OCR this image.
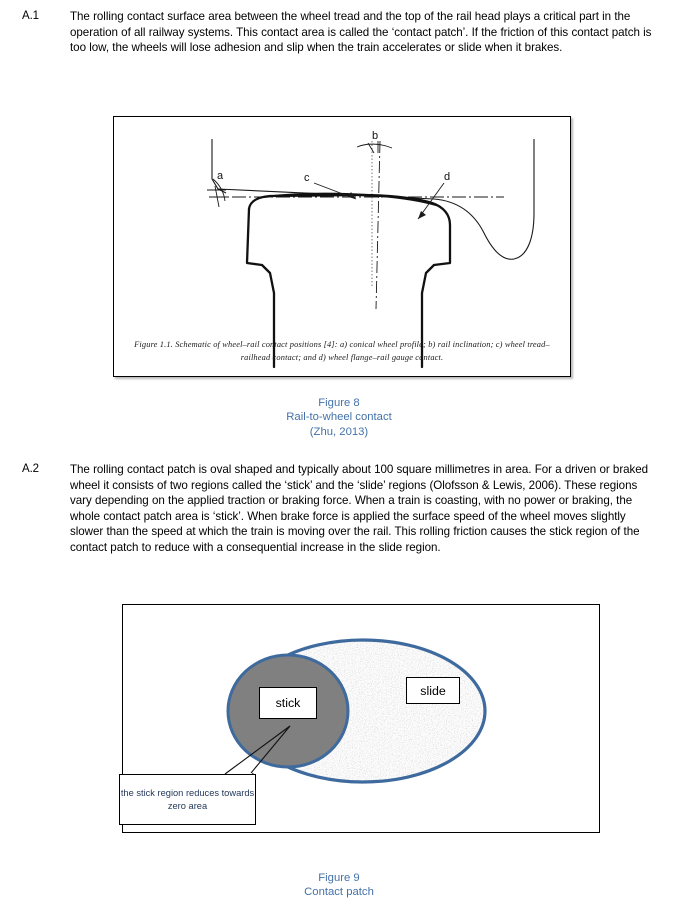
A.1	The rolling contact surface area between the wheel tread and the top of the rail head plays a critical part in the operation of all railway systems. This contact area is called the ‘contact patch’. If the friction of this contact patch is too low, the wheels will lose adhesion and slip when the train accelerates or slide when it brakes.
a
b
c	d
Figure 1.1. Schematic of wheel–rail contact positions [4]: a) conical wheel profile; b) rail inclination; c) wheel tread–railhead contact; and d) wheel flange–rail gauge contact.
Figure 8
Rail-to-wheel contact
(Zhu, 2013)
A.2	The rolling contact patch is oval shaped and typically about 100 square millimetres in area. For a driven or braked wheel it consists of two regions called the ‘stick’ and the ‘slide’ regions (Olofsson & Lewis, 2006). These regions vary depending on the applied traction or braking force. When a train is coasting, with no power or braking, the whole contact patch area is ‘stick’. When brake force is applied the surface speed of the wheel moves slightly slower than the speed at which the train is moving over the rail. This rolling friction causes the stick region of the contact patch to reduce with a consequential increase in the slide region.
stick
slide
the stick region reduces towards zero area
Figure 9
Contact patch
